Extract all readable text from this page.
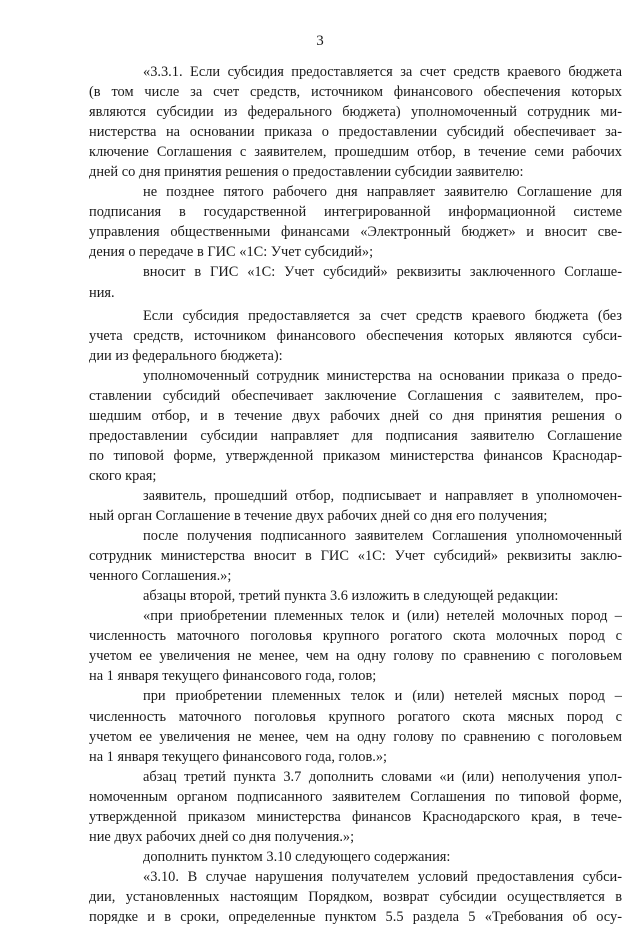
3
«3.3.1. Если субсидия предоставляется за счет средств краевого бюджета
(в том числе за счет средств, источником финансового обеспечения которых
являются субсидии из федерального бюджета) уполномоченный сотрудник ми-
нистерства на основании приказа о предоставлении субсидий обеспечивает за-
ключение Соглашения с заявителем, прошедшим отбор, в течение семи рабочих
дней со дня принятия решения о предоставлении субсидии заявителю:
не позднее пятого рабочего дня направляет заявителю Соглашение для
подписания в государственной интегрированной информационной системе
управления общественными финансами «Электронный бюджет» и вносит све-
дения о передаче в ГИС «1С: Учет субсидий»;
вносит в ГИС «1С: Учет субсидий» реквизиты заключенного Соглаше-
ния.
Если субсидия предоставляется за счет средств краевого бюджета (без
учета средств, источником финансового обеспечения которых являются субси-
дии из федерального бюджета):
уполномоченный сотрудник министерства на основании приказа о предо-
ставлении субсидий обеспечивает заключение Соглашения с заявителем, про-
шедшим отбор, и в течение двух рабочих дней со дня принятия решения о
предоставлении субсидии направляет для подписания заявителю Соглашение
по типовой форме, утвержденной приказом министерства финансов Краснодар-
ского края;
заявитель, прошедший отбор, подписывает и направляет в уполномочен-
ный орган Соглашение в течение двух рабочих дней со дня его получения;
после получения подписанного заявителем Соглашения уполномоченный
сотрудник министерства вносит в ГИС «1С: Учет субсидий» реквизиты заклю-
ченного Соглашения.»;
абзацы второй, третий пункта 3.6 изложить в следующей редакции:
«при приобретении племенных телок и (или) нетелей молочных пород –
численность маточного поголовья крупного рогатого скота молочных пород с
учетом ее увеличения не менее, чем на одну голову по сравнению с поголовьем
на 1 января текущего финансового года, голов;
при приобретении племенных телок и (или) нетелей мясных пород –
численность маточного поголовья крупного рогатого скота мясных пород с
учетом ее увеличения не менее, чем на одну голову по сравнению с поголовьем
на 1 января текущего финансового года, голов.»;
абзац третий пункта 3.7 дополнить словами «и (или) неполучения упол-
номоченным органом подписанного заявителем Соглашения по типовой форме,
утвержденной приказом министерства финансов Краснодарского края, в тече-
ние двух рабочих дней со дня получения.»;
дополнить пунктом 3.10 следующего содержания:
«3.10. В случае нарушения получателем условий предоставления субси-
дии, установленных настоящим Порядком, возврат субсидии осуществляется в
порядке и в сроки, определенные пунктом 5.5 раздела 5 «Требования об осу-
